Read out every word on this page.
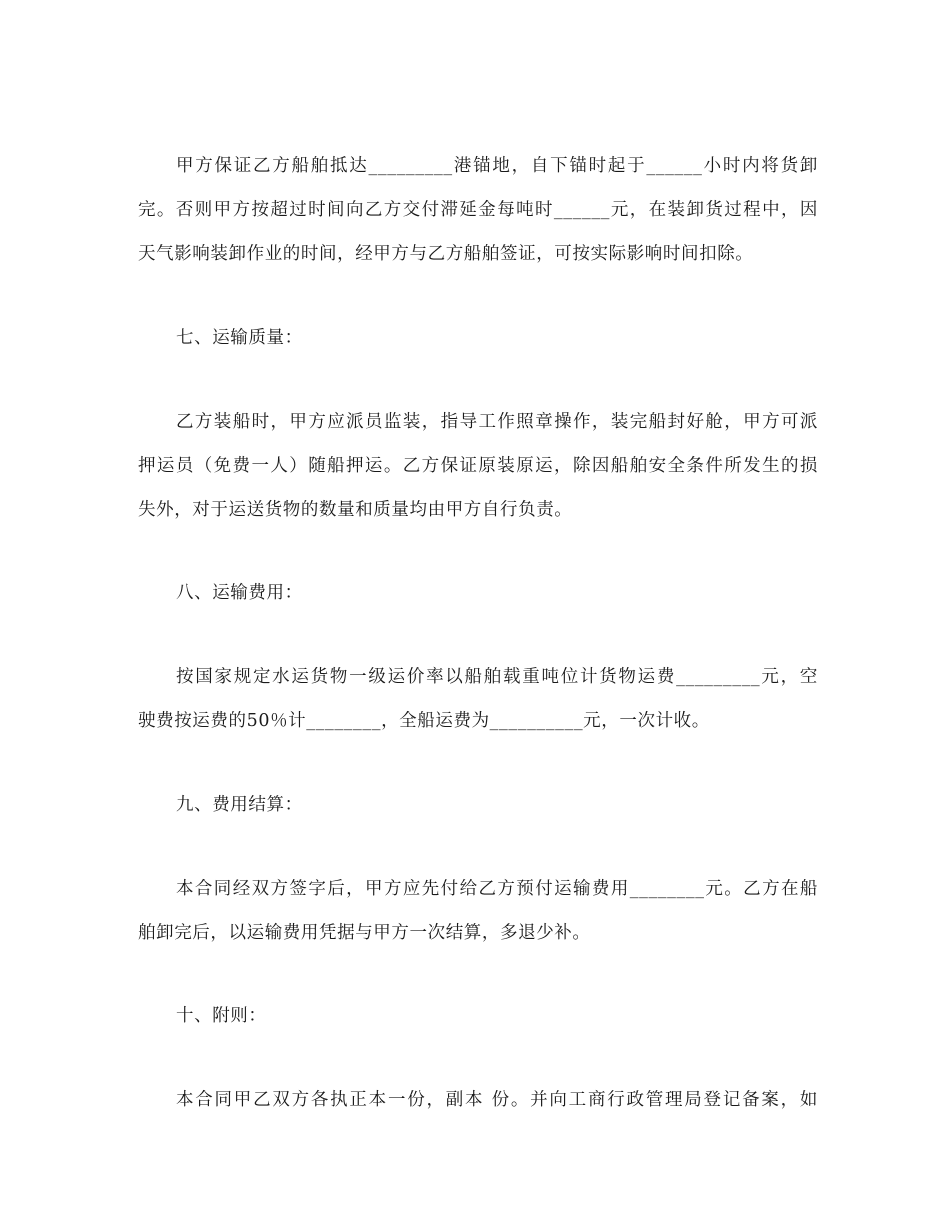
甲方保证乙方船舶抵达_________港锚地，自下锚时起于______小时内将货卸
完。否则甲方按超过时间向乙方交付滞延金每吨时______元，在装卸货过程中，因
天气影响装卸作业的时间，经甲方与乙方船舶签证，可按实际影响时间扣除。
七、运输质量：
乙方装船时，甲方应派员监装，指导工作照章操作，装完船封好舱，甲方可派
押运员（免费一人）随船押运。乙方保证原装原运，除因船舶安全条件所发生的损
失外，对于运送货物的数量和质量均由甲方自行负责。
八、运输费用：
按国家规定水运货物一级运价率以船舶载重吨位计货物运费_________元，空
驶费按运费的50％计________，全船运费为__________元，一次计收。
九、费用结算：
本合同经双方签字后，甲方应先付给乙方预付运输费用________元。乙方在船
舶卸完后，以运输费用凭据与甲方一次结算，多退少补。
十、附则：
本合同甲乙双方各执正本一份，副本 份。并向工商行政管理局登记备案，如
